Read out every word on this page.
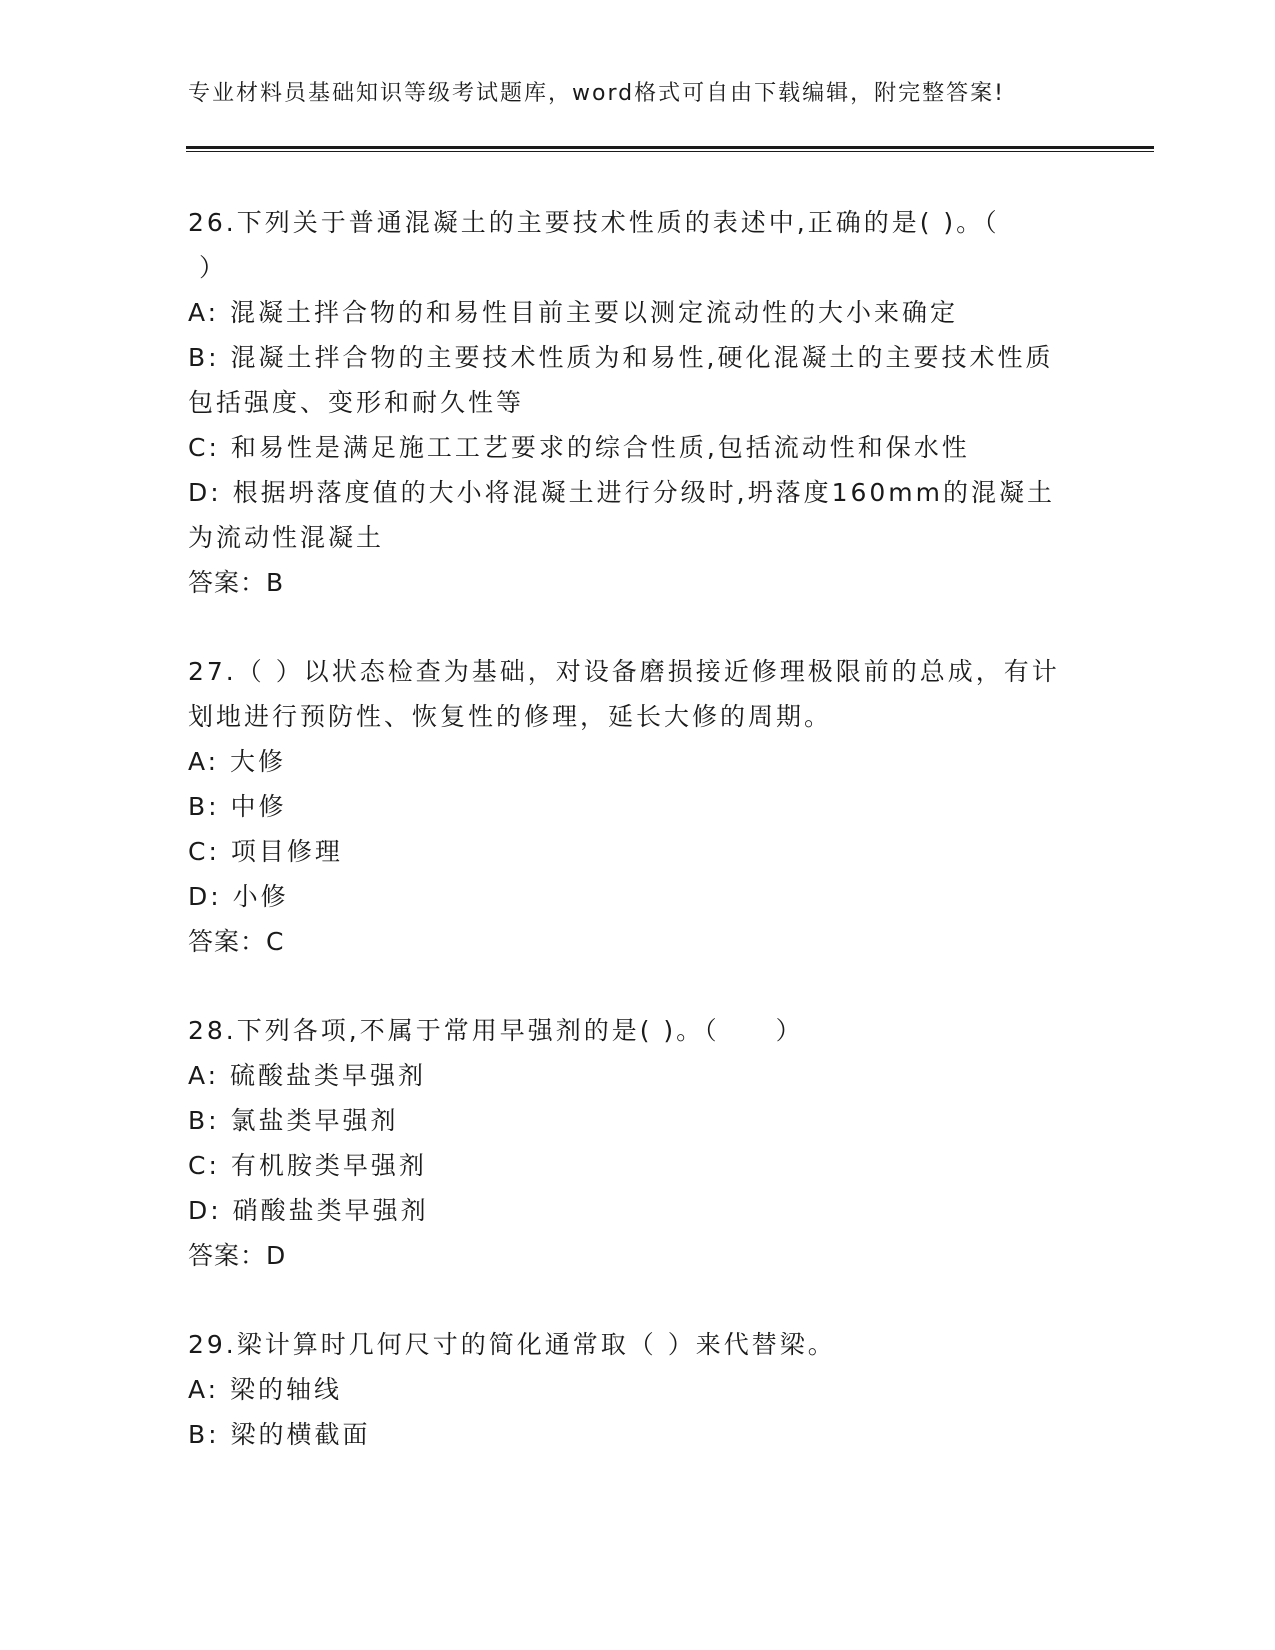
专业材料员基础知识等级考试题库，word格式可自由下载编辑，附完整答案!
26.下列关于普通混凝土的主要技术性质的表述中,正确的是( )。（
）
A: 混凝土拌合物的和易性目前主要以测定流动性的大小来确定
B: 混凝土拌合物的主要技术性质为和易性,硬化混凝土的主要技术性质包括强度、变形和耐久性等
C: 和易性是满足施工工艺要求的综合性质,包括流动性和保水性
D: 根据坍落度值的大小将混凝土进行分级时,坍落度160mm的混凝土为流动性混凝土
答案：B
27.（ ）以状态检查为基础，对设备磨损接近修理极限前的总成，有计划地进行预防性、恢复性的修理，延长大修的周期。
A: 大修
B: 中修
C: 项目修理
D: 小修
答案：C
28.下列各项,不属于常用早强剂的是( )。（　　）
A: 硫酸盐类早强剂
B: 氯盐类早强剂
C: 有机胺类早强剂
D: 硝酸盐类早强剂
答案：D
29.梁计算时几何尺寸的简化通常取（ ）来代替梁。
A: 梁的轴线
B: 梁的横截面
